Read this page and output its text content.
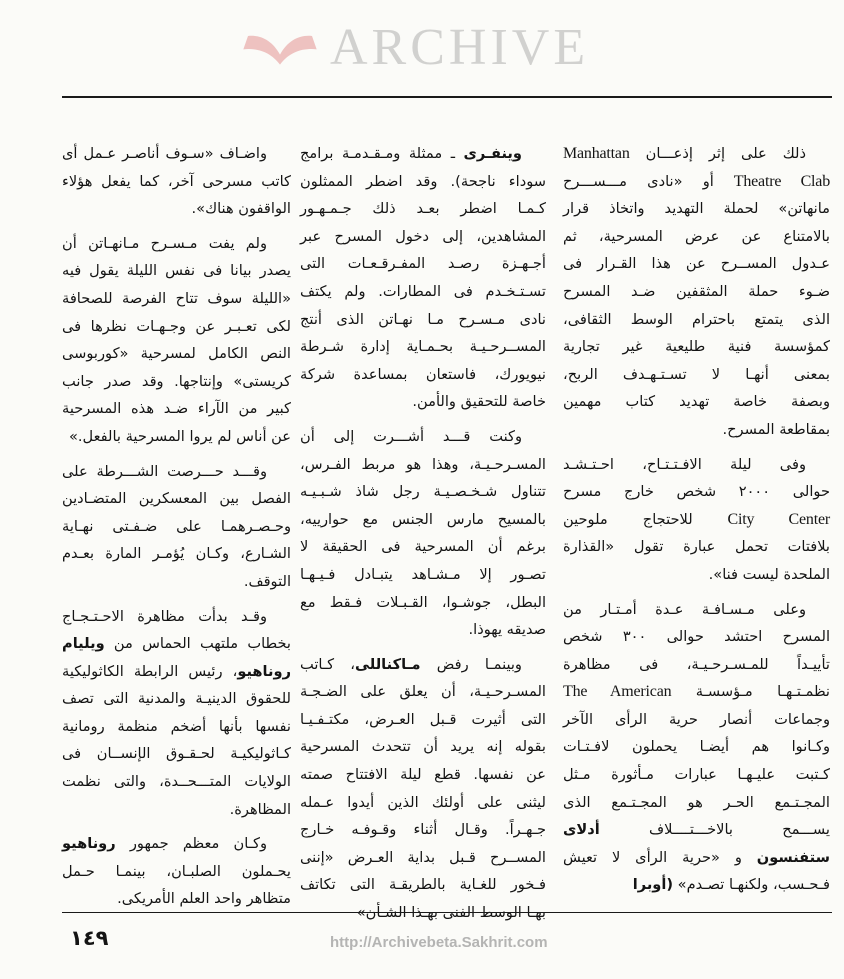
ARCHIVE
http://Archivebeta.Sakhrit.com
ذلك على إثر إذعـــان Manhattan
Theatre Clab أو «نادى مـــســـرح
مانهاتن» لحملة التهديد واتخاذ قرار
بالامتناع عن عرض المسرحية، ثم
عـدول المســرح عن هذا القـرار فى
ضـوء حملة المثقفين ضـد المسرح
الذى يتمتع باحترام الوسط الثقافى،
كمؤسسة فنية طليعية غير تجارية
بمعنى أنهـا لا تسـتـهـدف الربح،
وبصفة خاصة تهديد كتاب مهمين
بمقاطعة المسرح.
وفى ليلة الافـتـتـاح، احـتـشـد
حوالى ٢٠٠٠ شخص خارج مسرح
City Center للاحتجاج ملوحين
بلافتات تحمل عبارة تقول «القذارة
الملحدة ليست فنا».
وعلى مـسـافـة عـدة أمـتـار من
المسرح احتشد حوالى ٣٠٠ شخص
تأييـداً للمـسـرحـيـة، فى مظاهرة
نظمـتـهـا مـؤسسـة The American
وجماعات أنصار حرية الرأى الآخر
وكـانوا هم أيضـا يحملون لافـتـات
كـتبت عليـهـا عبارات مـأثورة مـثل
المجـتـمع الحـر هو المجـتـمع الذى
يســـمح بالاخـــتــــلاف أدلاى
ستفنسون و «حرية الرأى لا تعيش
فـحـسب، ولكنهـا تصـدم» (أوبرا
وينفـرى ـ ممثلة ومـقـدمـة برامج
سوداء ناجحة). وقد اضطر الممثلون
كـمـا اضطر بعـد ذلك جـمـهـور
المشاهدين، إلى دخول المسرح عبر
أجـهـزة رصـد المفـرقـعـات التى
تسـتـخـدم فى المطارات. ولم يكتف
نادى مـسـرح مـا نهـاتن الذى أنتج
المســرحـيـة بحـمـاية إدارة شـرطة
نيويورك، فاستعان بمساعدة شركة
خاصة للتحقيق والأمن.
وكنت قـــد أشـــرت إلى أن
المسـرحـيـة، وهذا هو مربط الفـرس،
تتناول شـخـصـيـة رجل شاذ شـبـيـه
بالمسيح مارس الجنس مع حوارييه،
برغم أن المسرحية فى الحقيقة لا
تصـور إلا مـشـاهد يتبـادل فـيـهـا
البطل، جوشـوا، القـبـلات فـقط مع
صديقه يهوذا.
وبينمـا رفض مـاكناللى، كـاتب
المسـرحـيـة، أن يعلق على الضـجـة
التى أثيرت قـبل العـرض، مكتـفـيـا
بقوله إنه يريد أن تتحدث المسرحية
عن نفسها. قطع ليلة الافتتاح صمته
ليثنى على أولئك الذين أيدوا عـمله
جـهـراً. وقـال أثناء وقـوفـه خـارج
المســرح قـبل بداية العـرض «إننى
فـخور للغـاية بالطريقـة التى تكاتف
بهـا الوسط الفنى بهـذا الشـأن»
واضـاف «سـوف أناصـر عـمل أى
كاتب مسرحى آخر، كما يفعل هؤلاء
الواقفون هناك».
ولم يفت مـسـرح مـانهـاتن أن
يصدر بيانا فى نفس الليلة يقول فيه
«الليلة سوف تتاح الفرصة للصحافة
لكى تعـبـر عن وجـهـات نظرها فى
النص الكامل لمسرحية «كوربوسى
كريستى» وإنتاجها. وقد صدر جانب
كبير من الآراء ضـد هذه المسرحية
عن أناس لم يروا المسرحية بالفعل.»
وقـــد حـــرصت الشـــرطة على
الفصل بين المعسكرين المتضـادين
وحـصـرهمـا على ضـفـتى نهـاية
الشـارع، وكـان يُؤمـر المارة بعـدم
التوقف.
وقـد بدأت مظاهرة الاحـتـجـاج
بخطاب ملتهب الحماس من ويليام
روناهيو، رئيس الرابطة الكاثوليكية
للحقوق الدينيـة والمدنية التى تصف
نفسها بأنها أضخم منظمة رومانية
كـاثوليكيـة لحـقـوق الإنســان فى
الولايات المتـــحــدة، والتى نظمت
المظاهرة.
وكـان معظم جمهور روناهيو
يحـملون الصلبـان، بينمـا حـمل
متظاهر واحد العلم الأمريكى.
١٤٩
